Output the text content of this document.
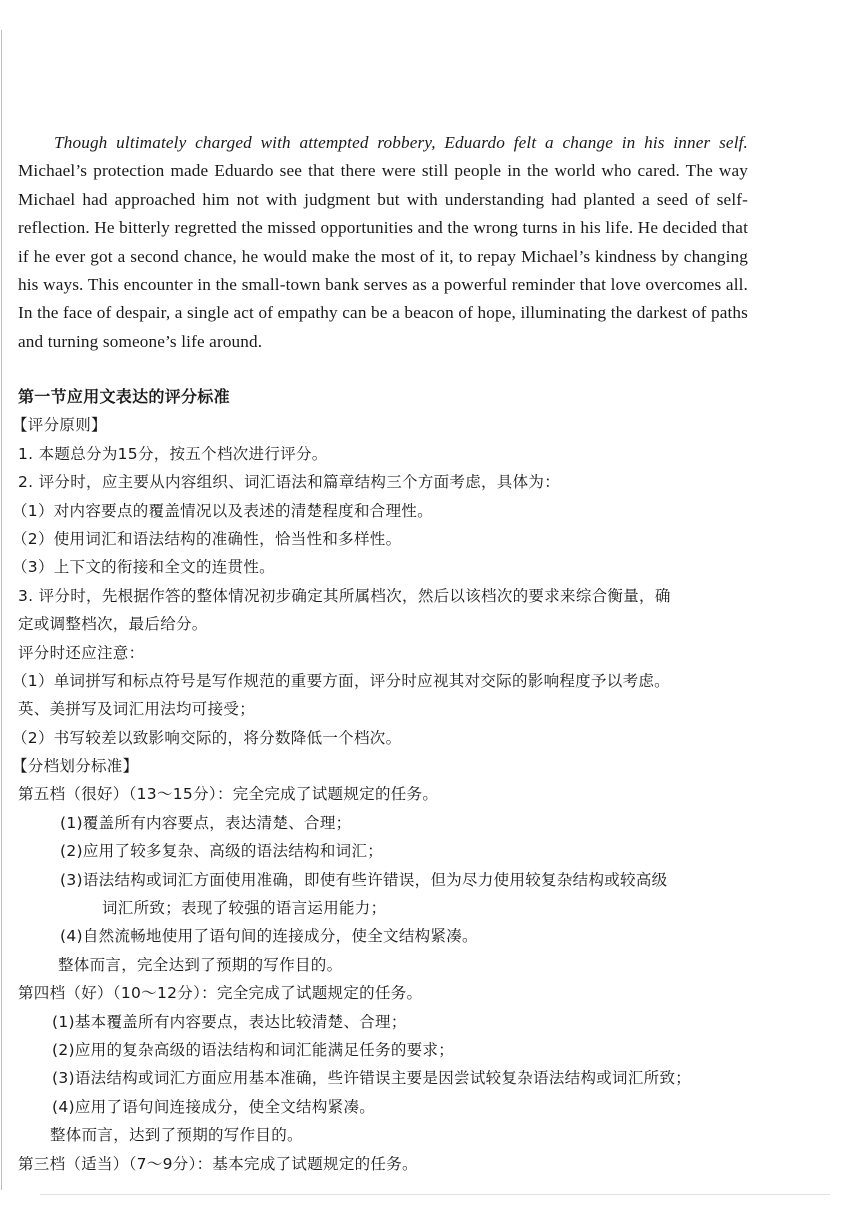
Though ultimately charged with attempted robbery, Eduardo felt a change in his inner self. Michael’s protection made Eduardo see that there were still people in the world who cared. The way Michael had approached him not with judgment but with understanding had planted a seed of self-reflection. He bitterly regretted the missed opportunities and the wrong turns in his life. He decided that if he ever got a second chance, he would make the most of it, to repay Michael’s kindness by changing his ways. This encounter in the small-town bank serves as a powerful reminder that love overcomes all. In the face of despair, a single act of empathy can be a beacon of hope, illuminating the darkest of paths and turning someone’s life around.

第一节应用文表达的评分标准
【评分原则】
1. 本题总分为15分，按五个档次进行评分。
2. 评分时，应主要从内容组织、词汇语法和篇章结构三个方面考虑，具体为：
（1）对内容要点的覆盖情况以及表述的清楚程度和合理性。
（2）使用词汇和语法结构的准确性，恰当性和多样性。
（3）上下文的衔接和全文的连贯性。
3. 评分时，先根据作答的整体情况初步确定其所属档次，然后以该档次的要求来综合衡量，确
定或调整档次，最后给分。
评分时还应注意：
（1）单词拼写和标点符号是写作规范的重要方面，评分时应视其对交际的影响程度予以考虑。
英、美拼写及词汇用法均可接受；
（2）书写较差以致影响交际的，将分数降低一个档次。
【分档划分标准】
第五档（很好）（13～15分）：完全完成了试题规定的任务。
(1)覆盖所有内容要点，表达清楚、合理；
(2)应用了较多复杂、高级的语法结构和词汇；
(3)语法结构或词汇方面使用准确，即使有些许错误，但为尽力使用较复杂结构或较高级
词汇所致；表现了较强的语言运用能力；
(4)自然流畅地使用了语句间的连接成分，使全文结构紧凑。
整体而言，完全达到了预期的写作目的。
第四档（好）（10～12分）：完全完成了试题规定的任务。
(1)基本覆盖所有内容要点，表达比较清楚、合理；
(2)应用的复杂高级的语法结构和词汇能满足任务的要求；
(3)语法结构或词汇方面应用基本准确，些许错误主要是因尝试较复杂语法结构或词汇所致；
(4)应用了语句间连接成分，使全文结构紧凑。
整体而言，达到了预期的写作目的。
第三档（适当）（7～9分）：基本完成了试题规定的任务。
